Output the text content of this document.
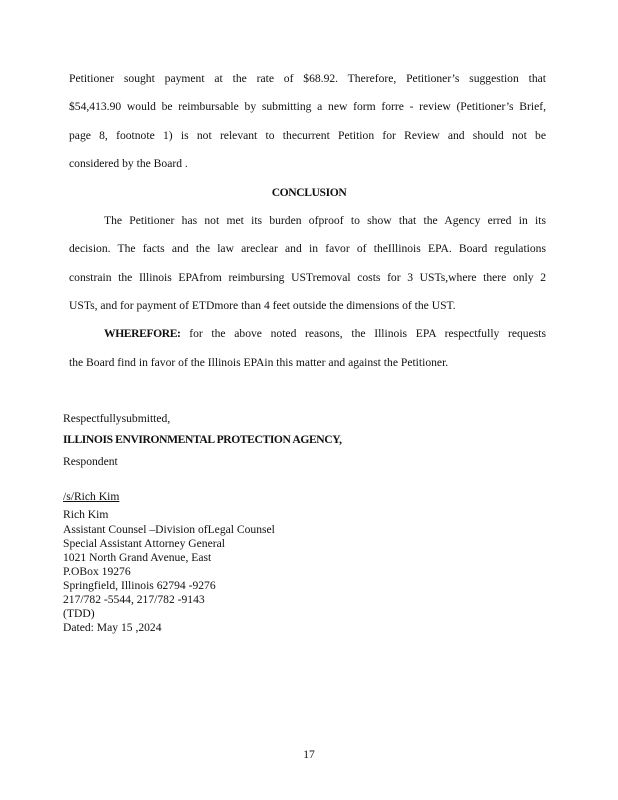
Petitioner sought payment at the rate of $68.92. Therefore, Petitioner’s suggestion that
$54,413.90 would be reimbursable by submitting a new form forre - review (Petitioner’s Brief,
page 8, footnote 1) is not relevant to thecurrent Petition for Review and should not be
considered by the Board .
CONCLUSION
The Petitioner has not met its burden ofproof to show that the Agency erred in its
decision. The facts and the law areclear and in favor of theIllinois EPA. Board regulations
constrain the Illinois EPAfrom reimbursing USTremoval costs for 3 USTs,where there only 2
USTs, and for payment of ETDmore than 4 feet outside the dimensions of the UST.
WHEREFORE: for the above noted reasons, the Illinois EPA respectfully requests
the Board find in favor of the Illinois EPAin this matter and against the Petitioner.
Respectfullysubmitted,
ILLINOIS ENVIRONMENTAL PROTECTION AGENCY,
Respondent
/s/Rich Kim
Rich Kim
Assistant Counsel –Division ofLegal Counsel
Special Assistant Attorney General
1021 North Grand Avenue, East
P.OBox 19276
Springfield, Illinois 62794 -9276
217/782 -5544, 217/782 -9143
(TDD)
Dated: May 15 ,2024
17
